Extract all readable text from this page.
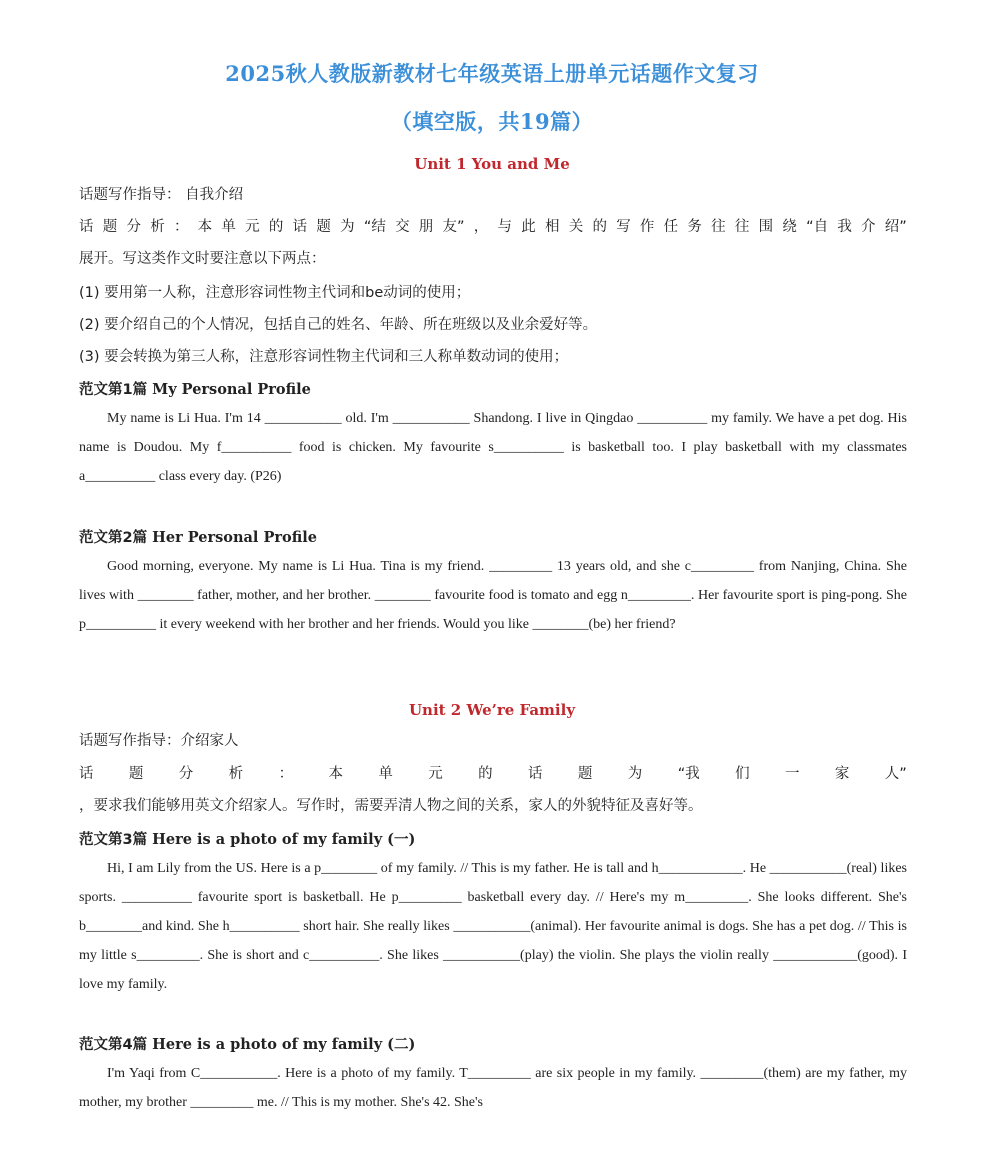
2025秋人教版新教材七年级英语上册单元话题作文复习
（填空版，共19篇）
Unit 1 You and Me
话题写作指导： 自我介绍
话 题 分 析 ： 本 单 元 的 话 题 为 “结 交 朋 友” ， 与 此 相 关 的 写 作 任 务 往 往 围 绕 “自 我 介 绍”
展开。写这类作文时要注意以下两点：
(1) 要用第一人称，注意形容词性物主代词和be动词的使用；
(2) 要介绍自己的个人情况，包括自己的姓名、年龄、所在班级以及业余爱好等。
(3) 要会转换为第三人称，注意形容词性物主代词和三人称单数动词的使用；
范文第1篇 My Personal Profile
My name is Li Hua. I'm 14 ___________ old. I'm ___________ Shandong. I live in Qingdao __________ my family. We have a pet dog. His name is Doudou. My f__________ food is chicken. My favourite s__________ is basketball too. I play basketball with my classmates a__________ class every day. (P26)
范文第2篇 Her Personal Profile
Good morning, everyone. My name is Li Hua. Tina is my friend. _________ 13 years old, and she c_________ from Nanjing, China. She lives with ________ father, mother, and her brother. ________ favourite food is tomato and egg n_________. Her favourite sport is ping-pong. She p__________ it every weekend with her brother and her friends. Would you like ________(be) her friend?
Unit 2 We’re Family
话题写作指导：介绍家人
话 题 分 析 ： 本 单 元 的 话 题 为 “我 们 一 家 人”
，要求我们能够用英文介绍家人。写作时，需要弄清人物之间的关系，家人的外貌特征及喜好等。
范文第3篇 Here is a photo of my family (一)
Hi, I am Lily from the US. Here is a p________ of my family. // This is my father. He is tall and h____________. He ___________(real) likes sports. __________ favourite sport is basketball. He p_________ basketball every day. // Here's my m_________. She looks different. She's b________and kind. She h__________ short hair. She really likes ___________(animal). Her favourite animal is dogs. She has a pet dog. // This is my little s_________. She is short and c__________. She likes ___________(play) the violin. She plays the violin really ____________(good). I love my family.
范文第4篇 Here is a photo of my family (二)
I'm Yaqi from C___________. Here is a photo of my family. T_________ are six people in my family. _________(them) are my father, my mother, my brother _________ me. // This is my mother. She's 42. She's
